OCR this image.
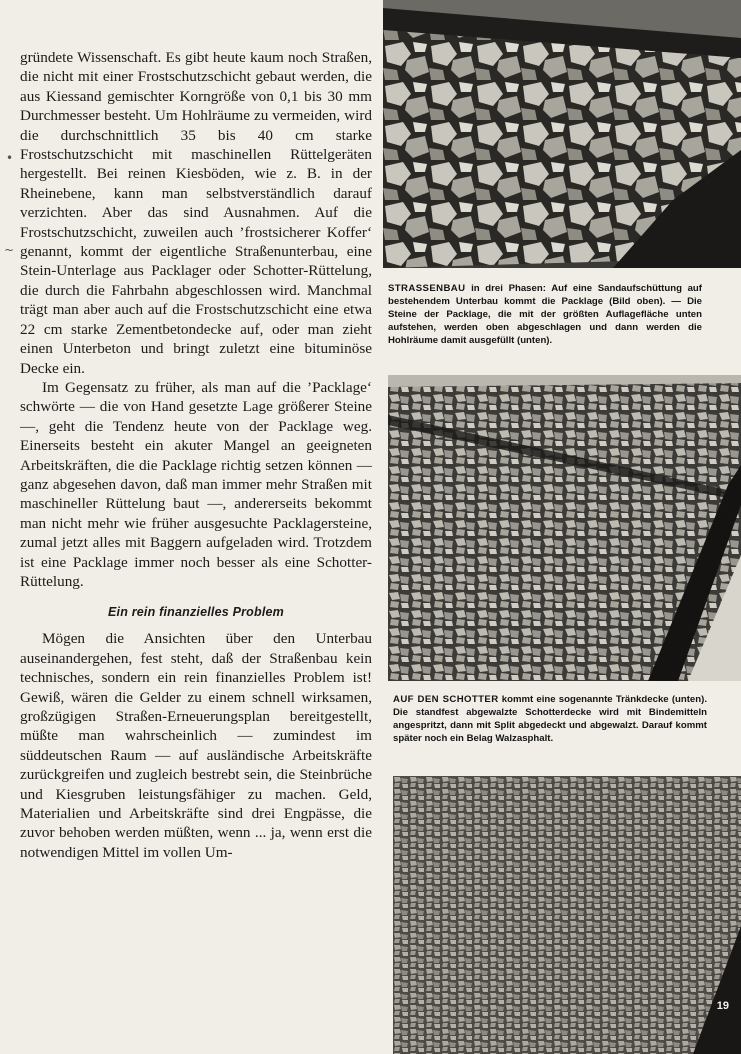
gründete Wissenschaft. Es gibt heute kaum noch Straßen, die nicht mit einer Frostschutzschicht gebaut werden, die aus Kiessand gemischter Korngröße von 0,1 bis 30 mm Durchmesser besteht. Um Hohlräume zu vermeiden, wird die durchschnittlich 35 bis 40 cm starke Frostschutzschicht mit maschinellen Rüttelgeräten hergestellt. Bei reinen Kiesböden, wie z. B. in der Rheinebene, kann man selbstverständlich darauf verzichten. Aber das sind Ausnahmen. Auf die Frostschutzschicht, zuweilen auch ’frostsicherer Koffer‘ genannt, kommt der eigentliche Straßenunterbau, eine Stein-Unterlage aus Packlager oder Schotter-Rüttelung, die durch die Fahrbahn abgeschlossen wird. Manchmal trägt man aber auch auf die Frostschutzschicht eine etwa 22 cm starke Zementbetondecke auf, oder man zieht einen Unterbeton und bringt zuletzt eine bituminöse Decke ein.

Im Gegensatz zu früher, als man auf die ’Packlage‘ schwörte — die von Hand gesetzte Lage größerer Steine —, geht die Tendenz heute von der Packlage weg. Einerseits besteht ein akuter Mangel an geeigneten Arbeitskräften, die die Packlage richtig setzen können — ganz abgesehen davon, daß man immer mehr Straßen mit maschineller Rüttelung baut —, andererseits bekommt man nicht mehr wie früher ausgesuchte Packlagersteine, zumal jetzt alles mit Baggern aufgeladen wird. Trotzdem ist eine Packlage immer noch besser als eine Schotter-Rüttelung.

Ein rein finanzielles Problem

Mögen die Ansichten über den Unterbau auseinandergehen, fest steht, daß der Straßenbau kein technisches, sondern ein rein finanzielles Problem ist! Gewiß, wären die Gelder zu einem schnell wirksamen, großzügigen Straßen-Erneuerungsplan bereitgestellt, müßte man wahrscheinlich — zumindest im süddeutschen Raum — auf ausländische Arbeitskräfte zurückgreifen und zugleich bestrebt sein, die Steinbrüche und Kiesgruben leistungsfähiger zu machen. Geld, Materialien und Arbeitskräfte sind drei Engpässe, die zuvor behoben werden müßten, wenn ... ja, wenn erst die notwendigen Mittel im vollen Um-

STRASSENBAU in drei Phasen: Auf eine Sandaufschüttung auf bestehendem Unterbau kommt die Packlage (Bild oben). — Die Steine der Packlage, die mit der größten Auflagefläche unten aufstehen, werden oben abgeschlagen und dann werden die Hohlräume damit ausgefüllt (unten).
AUF DEN SCHOTTER kommt eine sogenannte Tränkdecke (unten). Die standfest abgewalzte Schotterdecke wird mit Bindemitteln angespritzt, dann mit Split abgedeckt und abgewalzt. Darauf kommt später noch ein Belag Walzasphalt.
19
•
~
